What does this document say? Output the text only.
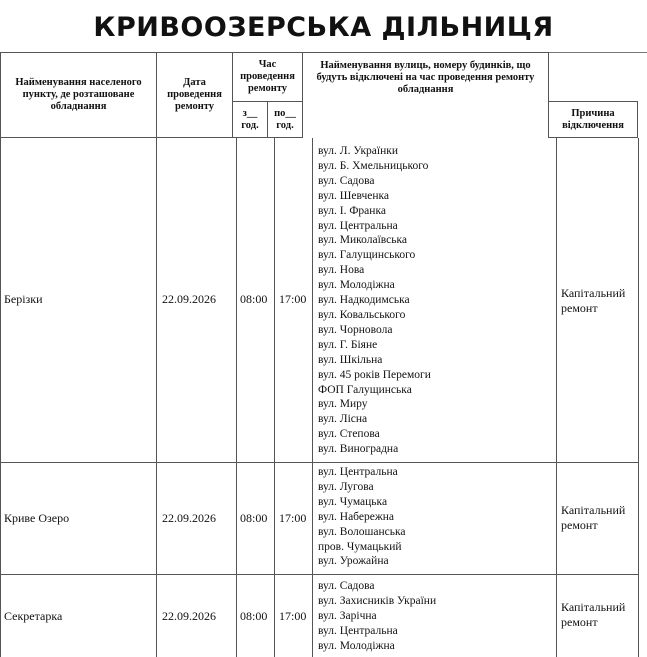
КРИВООЗЕРСЬКА ДІЛЬНИЦЯ
Найменування населеного пункту, де розташоване обладнання
Дата проведення ремонту
Час проведення ремонту
з__ год.
по__ год.
Найменування вулиць, номеру будинків, що будуть відключені на час проведення ремонту обладнання
Причина відключення
Берізки	22.09.2026 08:00 17:00
вул. Л. Українки
вул. Б. Хмельницького
вул. Садова
вул. Шевченка
вул. І. Франка
вул. Центральна
вул. Миколаївська
вул. Галущинського
вул. Нова
вул. Молодіжна
вул. Надкодимська
вул. Ковальського
вул. Чорновола
вул. Г. Бiяне
вул. Шкільна
вул. 45 років Перемоги
ФОП Галущинська
вул. Миру
вул. Лісна
вул. Степова
вул. Виноградна
Капітальний ремонт
Криве Озеро	22.09.2026 08:00 17:00
вул. Центральна
вул. Лугова
вул. Чумацька
вул. Набережна
вул. Волошанська
пров. Чумацький
вул. Урожайна
Капітальний ремонт
Секретарка	22.09.2026 08:00 17:00
вул. Садова
вул. Захисників України
вул. Зарічна
вул. Центральна
вул. Молодіжна
Капітальний ремонт
